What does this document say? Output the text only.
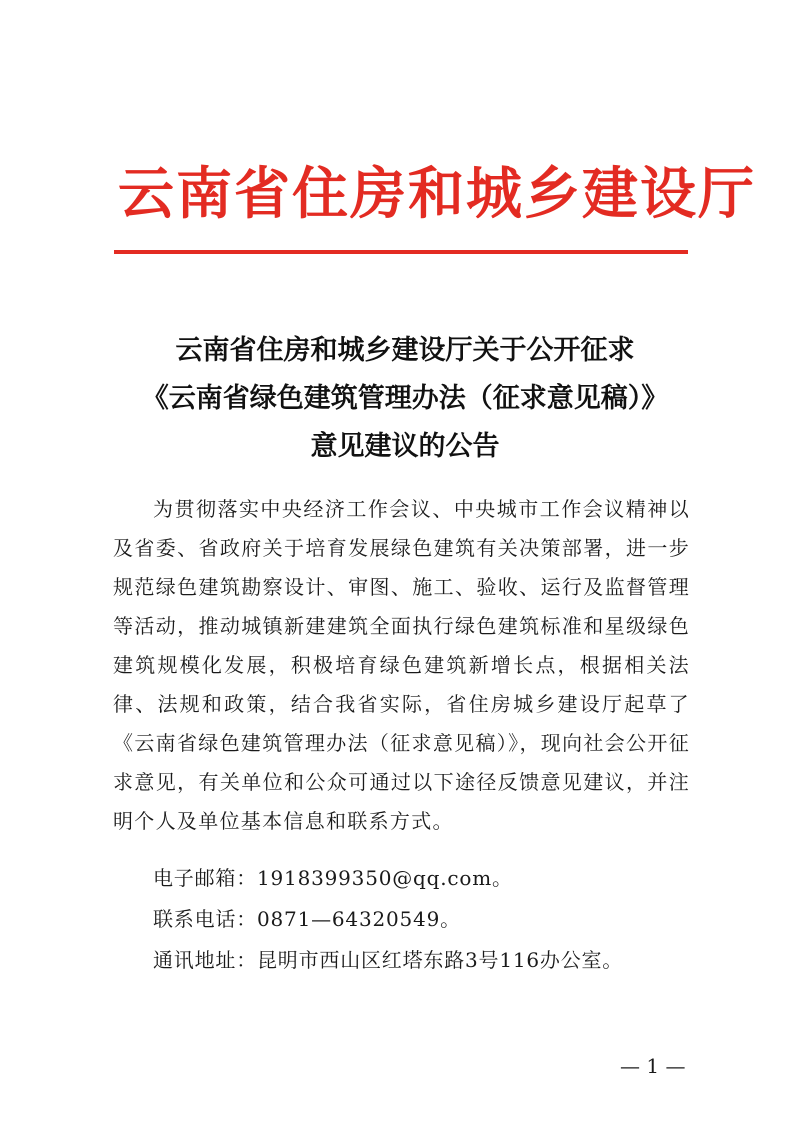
云南省住房和城乡建设厅
云南省住房和城乡建设厅关于公开征求
《云南省绿色建筑管理办法（征求意见稿）》
意见建议的公告

为贯彻落实中央经济工作会议、中央城市工作会议精神以及省委、省政府关于培育发展绿色建筑有关决策部署，进一步规范绿色建筑勘察设计、审图、施工、验收、运行及监督管理等活动，推动城镇新建建筑全面执行绿色建筑标准和星级绿色建筑规模化发展，积极培育绿色建筑新增长点，根据相关法律、法规和政策，结合我省实际，省住房城乡建设厅起草了《云南省绿色建筑管理办法（征求意见稿）》，现向社会公开征求意见，有关单位和公众可通过以下途径反馈意见建议，并注明个人及单位基本信息和联系方式。

电子邮箱：1918399350@qq.com。
联系电话：0871—64320549。
通讯地址：昆明市西山区红塔东路3号116办公室。
— 1 —
